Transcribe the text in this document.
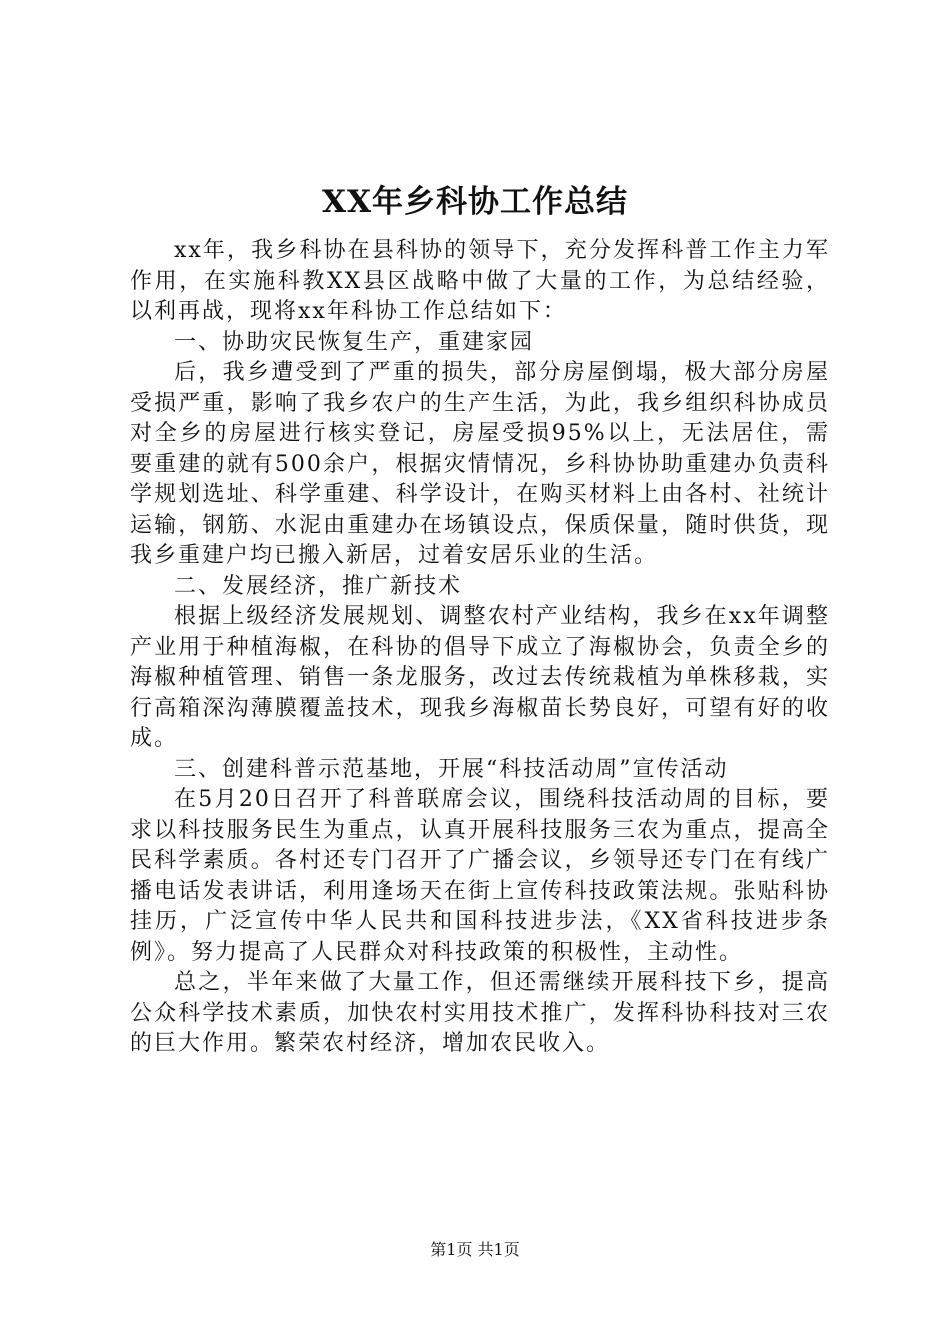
XX年乡科协工作总结

xx年，我乡科协在县科协的领导下，充分发挥科普工作主力军作用，在实施科教XX县区战略中做了大量的工作，为总结经验，以利再战，现将xx年科协工作总结如下：

一、协助灾民恢复生产，重建家园

后，我乡遭受到了严重的损失，部分房屋倒塌，极大部分房屋受损严重，影响了我乡农户的生产生活，为此，我乡组织科协成员对全乡的房屋进行核实登记，房屋受损95%以上，无法居住，需要重建的就有500余户，根据灾情情况，乡科协协助重建办负责科学规划选址、科学重建、科学设计，在购买材料上由各村、社统计运输，钢筋、水泥由重建办在场镇设点，保质保量，随时供货，现我乡重建户均已搬入新居，过着安居乐业的生活。

二、发展经济，推广新技术

根据上级经济发展规划、调整农村产业结构，我乡在xx年调整产业用于种植海椒，在科协的倡导下成立了海椒协会，负责全乡的海椒种植管理、销售一条龙服务，改过去传统栽植为单株移栽，实行高箱深沟薄膜覆盖技术，现我乡海椒苗长势良好，可望有好的收成。

三、创建科普示范基地，开展“科技活动周”宣传活动

在5月20日召开了科普联席会议，围绕科技活动周的目标，要求以科技服务民生为重点，认真开展科技服务三农为重点，提高全民科学素质。各村还专门召开了广播会议，乡领导还专门在有线广播电话发表讲话，利用逢场天在街上宣传科技政策法规。张贴科协挂历，广泛宣传中华人民共和国科技进步法，《XX省科技进步条例》。努力提高了人民群众对科技政策的积极性，主动性。

总之，半年来做了大量工作，但还需继续开展科技下乡，提高公众科学技术素质，加快农村实用技术推广，发挥科协科技对三农的巨大作用。繁荣农村经济，增加农民收入。

第1页 共1页
